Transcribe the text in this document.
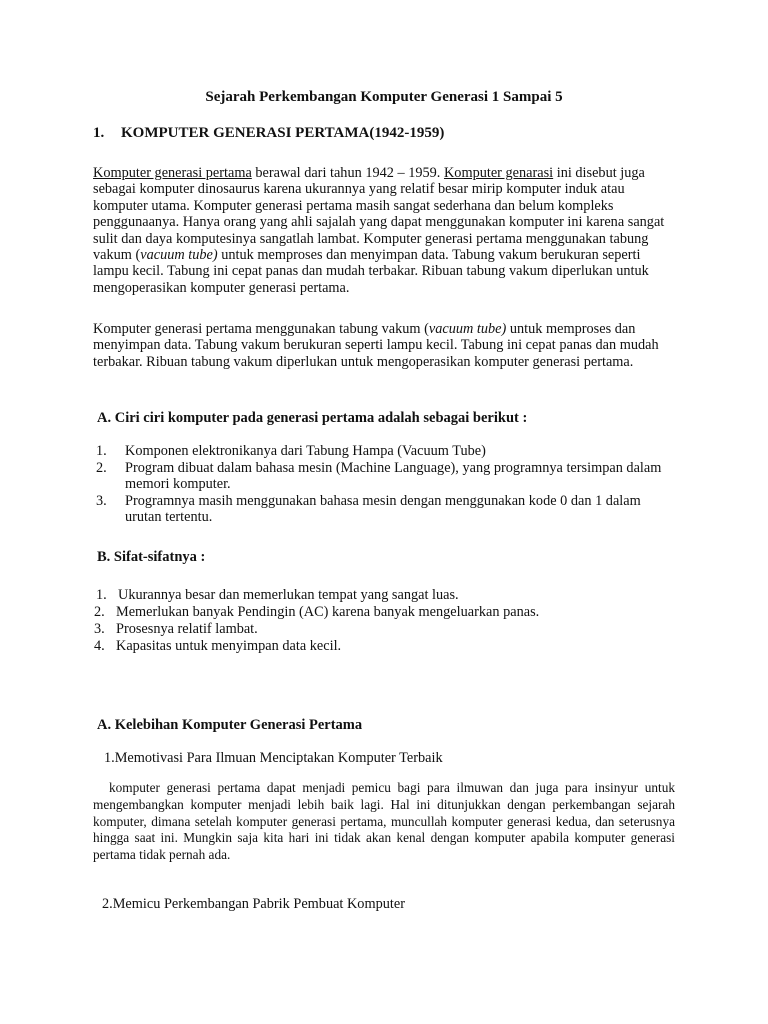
Sejarah Perkembangan Komputer Generasi 1 Sampai 5
1. KOMPUTER GENERASI PERTAMA(1942-1959)

Komputer generasi pertama berawal dari tahun 1942 – 1959. Komputer genarasi ini disebut juga sebagai komputer dinosaurus karena ukurannya yang relatif besar mirip komputer induk atau komputer utama. Komputer generasi pertama masih sangat sederhana dan belum kompleks penggunaanya. Hanya orang yang ahli sajalah yang dapat menggunakan komputer ini karena sangat sulit dan daya komputesinya sangatlah lambat. Komputer generasi pertama menggunakan tabung vakum (vacuum tube) untuk memproses dan menyimpan data. Tabung vakum berukuran seperti lampu kecil. Tabung ini cepat panas dan mudah terbakar. Ribuan tabung vakum diperlukan untuk mengoperasikan komputer generasi pertama.

Komputer generasi pertama menggunakan tabung vakum (vacuum tube) untuk memproses dan menyimpan data. Tabung vakum berukuran seperti lampu kecil. Tabung ini cepat panas dan mudah terbakar. Ribuan tabung vakum diperlukan untuk mengoperasikan komputer generasi pertama.

A. Ciri ciri komputer pada generasi pertama adalah sebagai berikut :
1. Komponen elektronikanya dari Tabung Hampa (Vacuum Tube)
2. Program dibuat dalam bahasa mesin (Machine Language), yang programnya tersimpan dalam memori komputer.
3. Programnya masih menggunakan bahasa mesin dengan menggunakan kode 0 dan 1 dalam urutan tertentu.
B. Sifat-sifatnya :
1. Ukurannya besar dan memerlukan tempat yang sangat luas.
2. Memerlukan banyak Pendingin (AC) karena banyak mengeluarkan panas.
3. Prosesnya relatif lambat.
4. Kapasitas untuk menyimpan data kecil.
A. Kelebihan Komputer Generasi Pertama
1.Memotivasi Para Ilmuan Menciptakan Komputer Terbaik

komputer generasi pertama dapat menjadi pemicu bagi para ilmuwan dan juga para insinyur untuk mengembangkan komputer menjadi lebih baik lagi. Hal ini ditunjukkan dengan perkembangan sejarah komputer, dimana setelah komputer generasi pertama, muncullah komputer generasi kedua, dan seterusnya hingga saat ini. Mungkin saja kita hari ini tidak akan kenal dengan komputer apabila komputer generasi pertama tidak pernah ada.

2.Memicu Perkembangan Pabrik Pembuat Komputer
